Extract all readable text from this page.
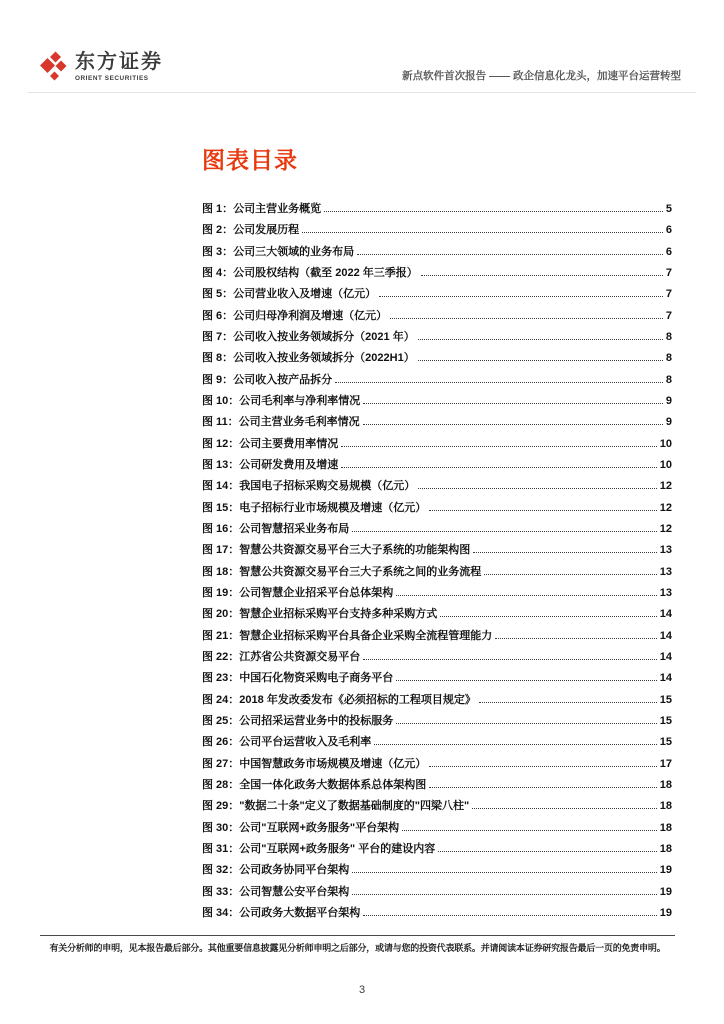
东方证券
ORIENT SECURITIES	新点软件首次报告 —— 政企信息化龙头，加速平台运营转型
图表目录
图 1： 公司主营业务概览	5
图 2： 公司发展历程	6
图 3： 公司三大领域的业务布局	6
图 4： 公司股权结构（截至 2022 年三季报）	7
图 5： 公司营业收入及增速（亿元）	7
图 6： 公司归母净利润及增速（亿元）	7
图 7： 公司收入按业务领域拆分（2021 年）	8
图 8： 公司收入按业务领域拆分（2022H1）	8
图 9： 公司收入按产品拆分	8
图 10： 公司毛利率与净利率情况	9
图 11： 公司主营业务毛利率情况	9
图 12： 公司主要费用率情况	10
图 13： 公司研发费用及增速	10
图 14： 我国电子招标采购交易规模（亿元）	12
图 15： 电子招标行业市场规模及增速（亿元）	12
图 16： 公司智慧招采业务布局	12
图 17： 智慧公共资源交易平台三大子系统的功能架构图	13
图 18： 智慧公共资源交易平台三大子系统之间的业务流程	13
图 19： 公司智慧企业招采平台总体架构	13
图 20： 智慧企业招标采购平台支持多种采购方式	14
图 21： 智慧企业招标采购平台具备企业采购全流程管理能力	14
图 22： 江苏省公共资源交易平台	14
图 23： 中国石化物资采购电子商务平台	14
图 24： 2018 年发改委发布《必须招标的工程项目规定》	15
图 25： 公司招采运营业务中的投标服务	15
图 26： 公司平台运营收入及毛利率	15
图 27： 中国智慧政务市场规模及增速（亿元）	17
图 28： 全国一体化政务大数据体系总体架构图	18
图 29： "数据二十条"定义了数据基础制度的"四梁八柱"	18
图 30： 公司"互联网+政务服务"平台架构	18
图 31： 公司"互联网+政务服务" 平台的建设内容	18
图 32： 公司政务协同平台架构	19
图 33： 公司智慧公安平台架构	19
图 34： 公司政务大数据平台架构	19
有关分析师的申明，见本报告最后部分。其他重要信息披露见分析师申明之后部分，或请与您的投资代表联系。并请阅读本证券研究报告最后一页的免责申明。
3
